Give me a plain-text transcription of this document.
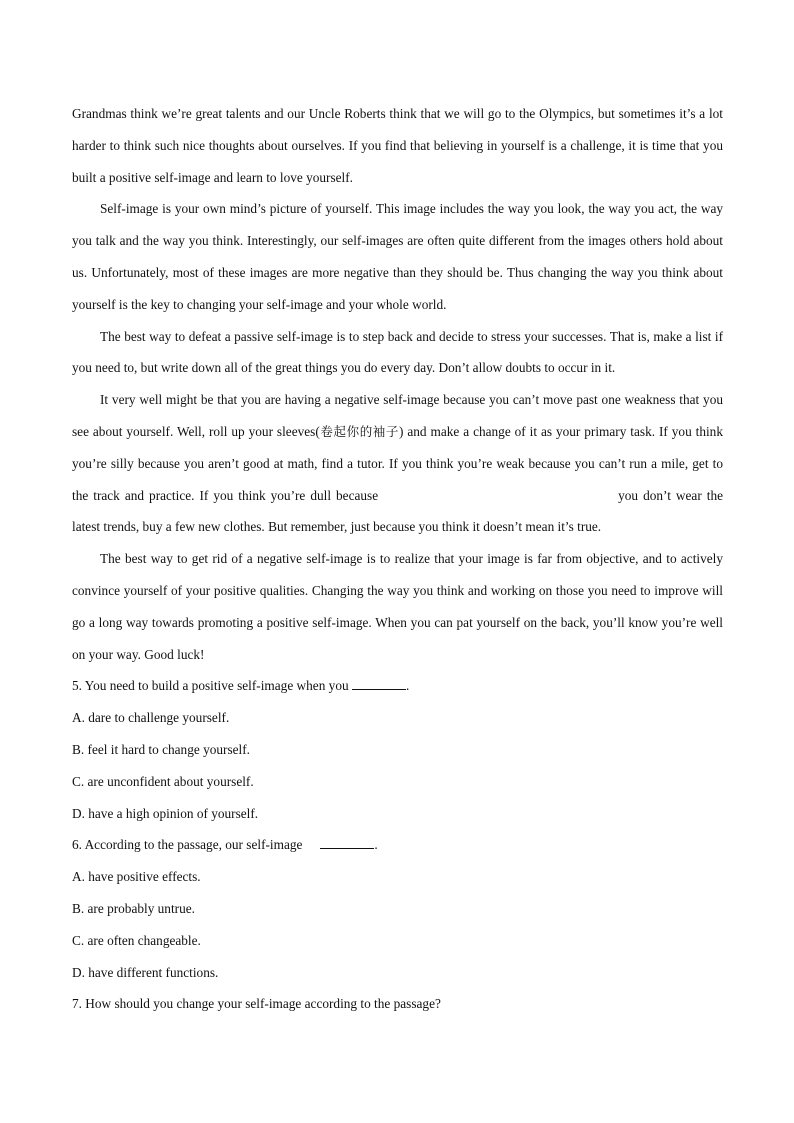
Grandmas think we’re great talents and our Uncle Roberts think that we will go to the Olympics, but sometimes it’s a lot harder to think such nice thoughts about ourselves. If you find that believing in yourself is a challenge, it is time that you built a positive self-image and learn to love yourself.

Self-image is your own mind’s picture of yourself. This image includes the way you look, the way you act, the way you talk and the way you think. Interestingly, our self-images are often quite different from the images others hold about us. Unfortunately, most of these images are more negative than they should be. Thus changing the way you think about yourself is the key to changing your self-image and your whole world.

The best way to defeat a passive self-image is to step back and decide to stress your successes. That is, make a list if you need to, but write down all of the great things you do every day. Don’t allow doubts to occur in it.

It very well might be that you are having a negative self-image because you can’t move past one weakness that you see about yourself. Well, roll up your sleeves(卷起你的袖子) and make a change of it as your primary task. If you think you’re silly because you aren’t good at math, find a tutor. If you think you’re weak because you can’t run a mile, get to the track and practice. If you think you’re dull because	you don’t wear the latest trends, buy a few new clothes. But remember, just because you think it doesn’t mean it’s true.

The best way to get rid of a negative self-image is to realize that your image is far from objective, and to actively convince yourself of your positive qualities. Changing the way you think and working on those you need to improve will go a long way towards promoting a positive self-image. When you can pat yourself on the back, you’ll know you’re well on your way. Good luck!

5. You need to build a positive self-image when you	.

A. dare to challenge yourself.

B. feel it hard to change yourself.

C. are unconfident about yourself.

D. have a high opinion of yourself.

6. According to the passage, our self-image	.

A. have positive effects.

B. are probably untrue.

C. are often changeable.

D. have different functions.

7. How should you change your self-image according to the passage?
